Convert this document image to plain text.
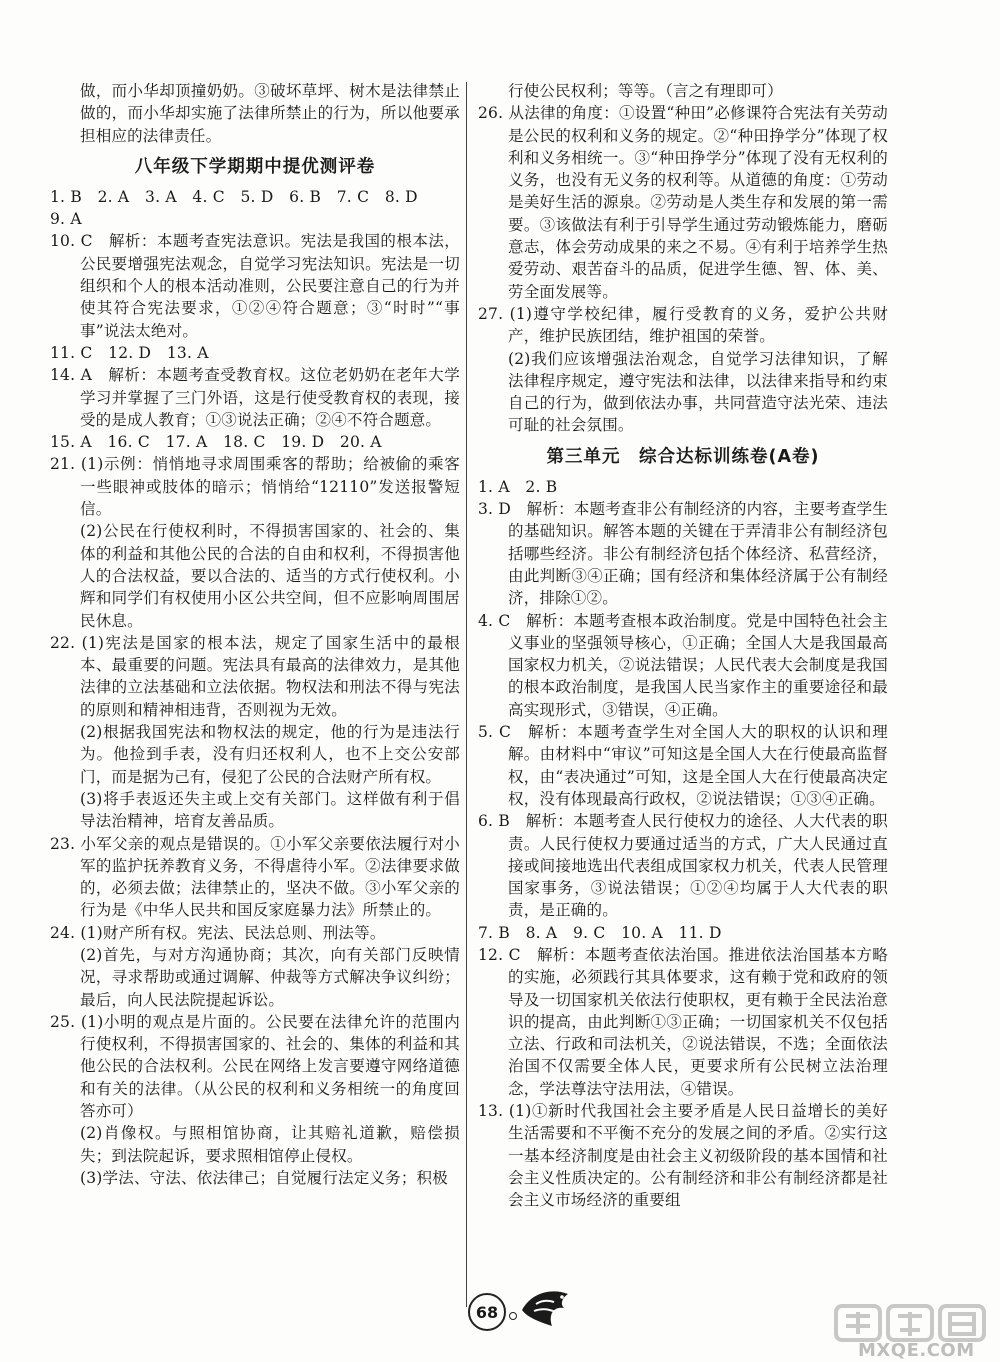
做，而小华却顶撞奶奶。③破坏草坪、树木是法律禁止做的，而小华却实施了法律所禁止的行为，所以他要承担相应的法律责任。

八年级下学期期中提优测评卷

1. B　2. A　3. A　4. C　5. D　6. B　7. C　8. D

9. A

10. C　解析：本题考查宪法意识。宪法是我国的根本法，公民要增强宪法观念，自觉学习宪法知识。宪法是一切组织和个人的根本活动准则，公民要注意自己的行为并使其符合宪法要求，①②④符合题意；③“时时”“事事”说法太绝对。

11. C　12. D　13. A

14. A　解析：本题考查受教育权。这位老奶奶在老年大学学习并掌握了三门外语，这是行使受教育权的表现，接受的是成人教育；①③说法正确；②④不符合题意。

15. A　16. C　17. A　18. C　19. D　20. A

21. (1)示例：悄悄地寻求周围乘客的帮助；给被偷的乘客一些眼神或肢体的暗示；悄悄给“12110”发送报警短信。

(2)公民在行使权利时，不得损害国家的、社会的、集体的利益和其他公民的合法的自由和权利，不得损害他人的合法权益，要以合法的、适当的方式行使权利。小辉和同学们有权使用小区公共空间，但不应影响周围居民休息。

22. (1)宪法是国家的根本法，规定了国家生活中的最根本、最重要的问题。宪法具有最高的法律效力，是其他法律的立法基础和立法依据。物权法和刑法不得与宪法的原则和精神相违背，否则视为无效。

(2)根据我国宪法和物权法的规定，他的行为是违法行为。他捡到手表，没有归还权利人，也不上交公安部门，而是据为己有，侵犯了公民的合法财产所有权。

(3)将手表返还失主或上交有关部门。这样做有利于倡导法治精神，培育友善品质。

23. 小军父亲的观点是错误的。①小军父亲要依法履行对小军的监护抚养教育义务，不得虐待小军。②法律要求做的，必须去做；法律禁止的，坚决不做。③小军父亲的行为是《中华人民共和国反家庭暴力法》所禁止的。

24. (1)财产所有权。宪法、民法总则、刑法等。

(2)首先，与对方沟通协商；其次，向有关部门反映情况，寻求帮助或通过调解、仲裁等方式解决争议纠纷；最后，向人民法院提起诉讼。

25. (1)小明的观点是片面的。公民要在法律允许的范围内行使权利，不得损害国家的、社会的、集体的利益和其他公民的合法权利。公民在网络上发言要遵守网络道德和有关的法律。（从公民的权利和义务相统一的角度回答亦可）

(2)肖像权。与照相馆协商，让其赔礼道歉，赔偿损失；到法院起诉，要求照相馆停止侵权。

(3)学法、守法、依法律己；自觉履行法定义务；积极

行使公民权利；等等。（言之有理即可）

26. 从法律的角度：①设置“种田”必修课符合宪法有关劳动是公民的权利和义务的规定。②“种田挣学分”体现了权利和义务相统一。③“种田挣学分”体现了没有无权利的义务，也没有无义务的权利等。从道德的角度：①劳动是美好生活的源泉。②劳动是人类生存和发展的第一需要。③该做法有利于引导学生通过劳动锻炼能力，磨砺意志，体会劳动成果的来之不易。④有利于培养学生热爱劳动、艰苦奋斗的品质，促进学生德、智、体、美、劳全面发展等。

27. (1)遵守学校纪律，履行受教育的义务，爱护公共财产，维护民族团结，维护祖国的荣誉。

(2)我们应该增强法治观念，自觉学习法律知识，了解法律程序规定，遵守宪法和法律，以法律来指导和约束自己的行为，做到依法办事，共同营造守法光荣、违法可耻的社会氛围。

第三单元　综合达标训练卷(A卷)

1. A　2. B

3. D　解析：本题考查非公有制经济的内容，主要考查学生的基础知识。解答本题的关键在于弄清非公有制经济包括哪些经济。非公有制经济包括个体经济、私营经济，由此判断③④正确；国有经济和集体经济属于公有制经济，排除①②。

4. C　解析：本题考查根本政治制度。党是中国特色社会主义事业的坚强领导核心，①正确；全国人大是我国最高国家权力机关，②说法错误；人民代表大会制度是我国的根本政治制度，是我国人民当家作主的重要途径和最高实现形式，③错误，④正确。

5. C　解析：本题考查学生对全国人大的职权的认识和理解。由材料中“审议”可知这是全国人大在行使最高监督权，由“表决通过”可知，这是全国人大在行使最高决定权，没有体现最高行政权，②说法错误；①③④正确。

6. B　解析：本题考查人民行使权力的途径、人大代表的职责。人民行使权力要通过适当的方式，广大人民通过直接或间接地选出代表组成国家权力机关，代表人民管理国家事务，③说法错误；①②④均属于人大代表的职责，是正确的。

7. B　8. A　9. C　10. A　11. D

12. C　解析：本题考查依法治国。推进依法治国基本方略的实施，必须践行其具体要求，这有赖于党和政府的领导及一切国家机关依法行使职权，更有赖于全民法治意识的提高，由此判断①③正确；一切国家机关不仅包括立法、行政和司法机关，②说法错误，不选；全面依法治国不仅需要全体人民，更要求所有公民树立法治理念，学法尊法守法用法，④错误。

13. (1)①新时代我国社会主要矛盾是人民日益增长的美好生活需要和不平衡不充分的发展之间的矛盾。②实行这一基本经济制度是由社会主义初级阶段的基本国情和社会主义性质决定的。公有制经济和非公有制经济都是社会主义市场经济的重要组

68
MXQE.COM
